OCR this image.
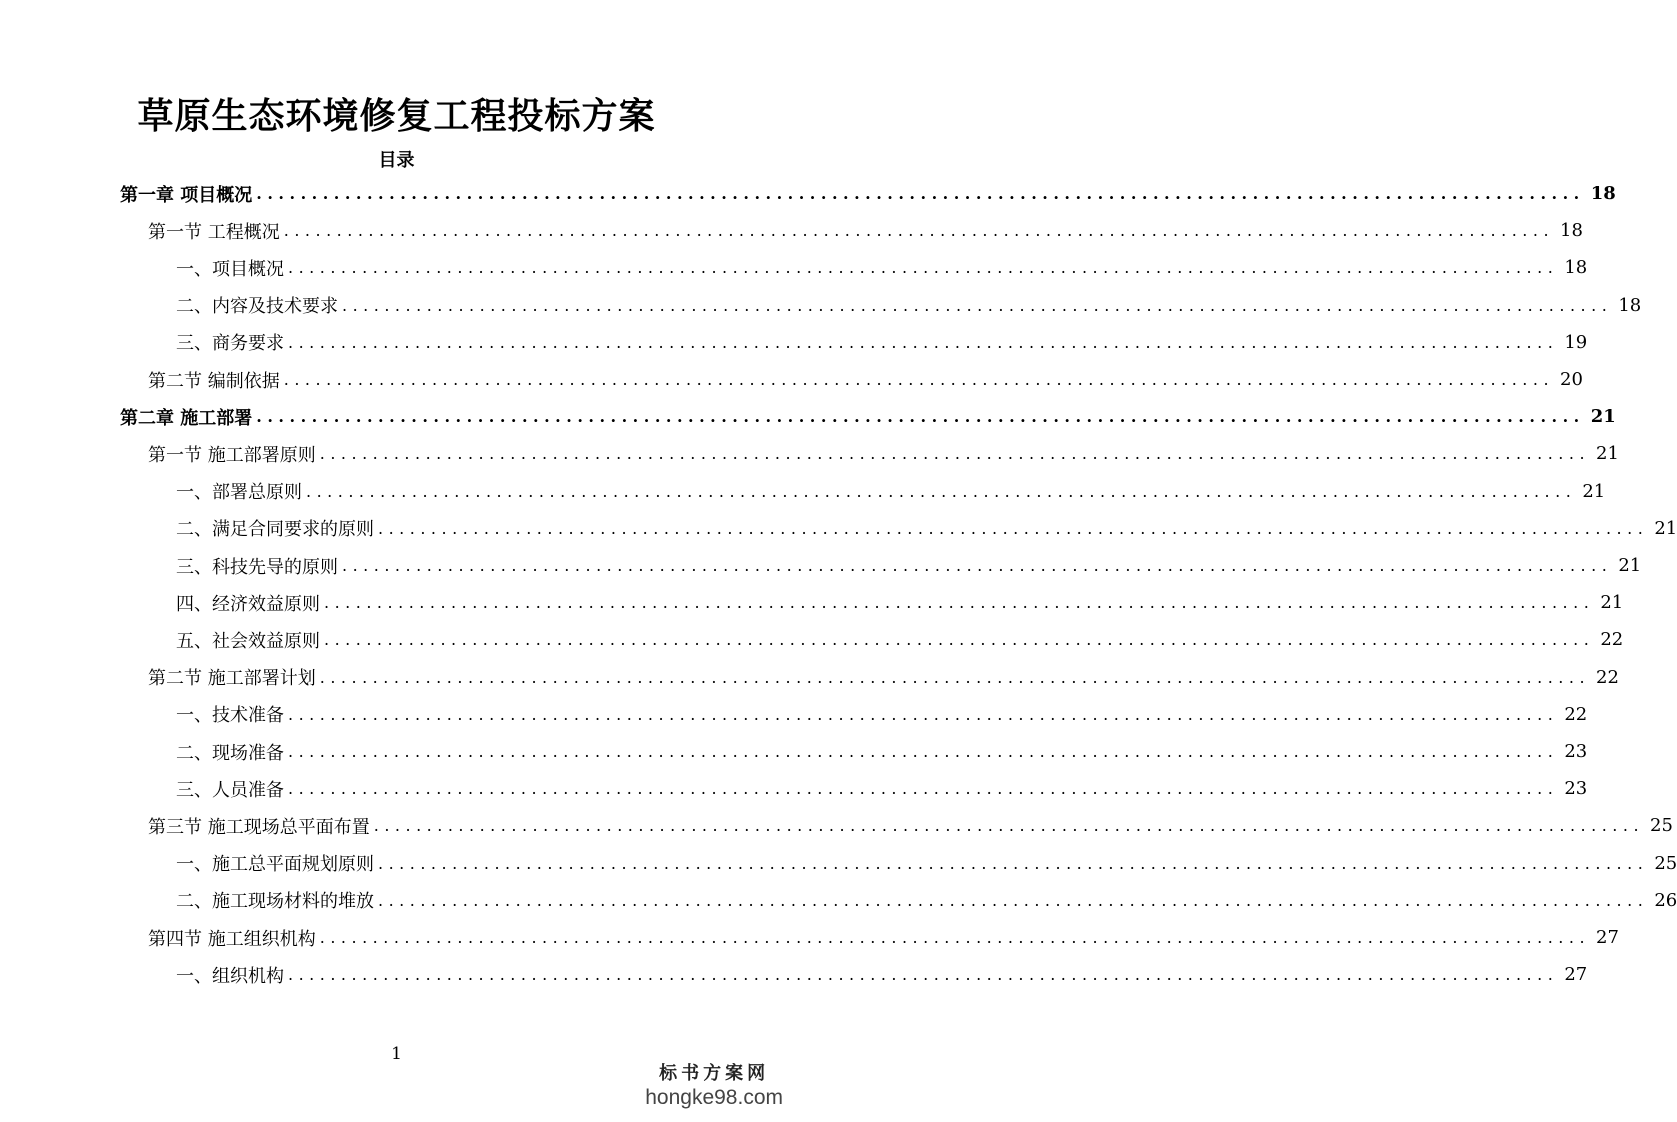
草原生态环境修复工程投标方案
目录
第一章 项目概况 ........................................................................................................................ 18
第一节 工程概况 ........................................................................................................................ 18
一、项目概况 ........................................................................................................................ 18
二、内容及技术要求 ........................................................................................................................ 18
三、商务要求 ........................................................................................................................ 19
第二节 编制依据 ........................................................................................................................ 20
第二章 施工部署 ........................................................................................................................ 21
第一节 施工部署原则 ........................................................................................................................ 21
一、部署总原则 ........................................................................................................................ 21
二、满足合同要求的原则 ........................................................................................................................ 21
三、科技先导的原则 ........................................................................................................................ 21
四、经济效益原则 ........................................................................................................................ 21
五、社会效益原则 ........................................................................................................................ 22
第二节 施工部署计划 ........................................................................................................................ 22
一、技术准备 ........................................................................................................................ 22
二、现场准备 ........................................................................................................................ 23
三、人员准备 ........................................................................................................................ 23
第三节 施工现场总平面布置 ........................................................................................................................ 25
一、施工总平面规划原则 ........................................................................................................................ 25
二、施工现场材料的堆放 ........................................................................................................................ 26
第四节 施工组织机构 ........................................................................................................................ 27
一、组织机构 ........................................................................................................................ 27
1
标书方案网
hongke98.com
